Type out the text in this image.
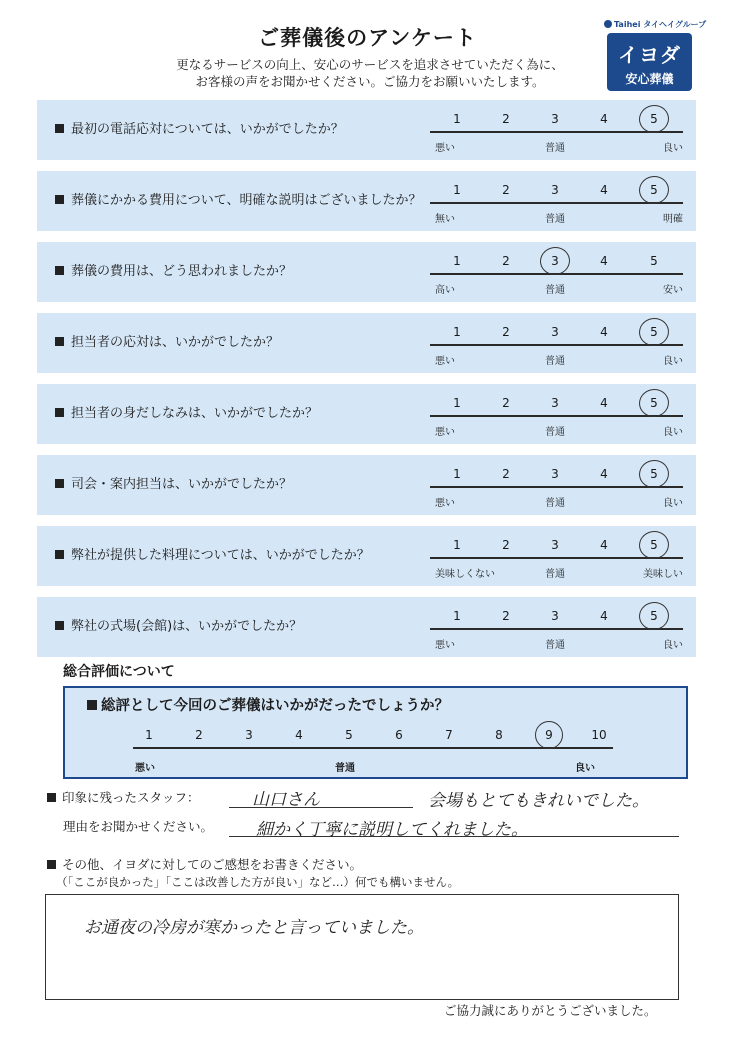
ご葬儀後のアンケート
更なるサービスの向上、安心のサービスを追求させていただく為に、
お客様の声をお聞かせください。ご協力をお願いいたします。
Taihei タイヘイグループ
イヨダ
安心葬儀
最初の電話応対については、いかがでしたか？
1	2	3	4	5
悪い	普通	良い
葬儀にかかる費用について、明確な説明はございましたか？
1	2	3	4	5
無い	普通	明確
葬儀の費用は、どう思われましたか？
1	2	3	4	5
高い	普通	安い
担当者の応対は、いかがでしたか？
1	2	3	4	5
悪い	普通	良い
担当者の身だしなみは、いかがでしたか？
1	2	3	4	5
悪い	普通	良い
司会・案内担当は、いかがでしたか？
1	2	3	4	5
悪い	普通	良い
弊社が提供した料理については、いかがでしたか？
1	2	3	4	5
美味しくない	普通	美味しい
弊社の式場(会館)は、いかがでしたか？
1	2	3	4	5
悪い	普通	良い
総合評価について
総評として今回のご葬儀はいかがだったでしょうか？
1	2	3	4	5	6	7	8	9	10
悪い	普通	良い
印象に残ったスタッフ：	山口さん	会場もとてもきれいでした。
理由をお聞かせください。	細かく丁寧に説明してくれました。
その他、イヨダに対してのご感想をお書きください。
（「ここが良かった」「ここは改善した方が良い」など…）何でも構いません。
お通夜の冷房が寒かったと言っていました。
ご協力誠にありがとうございました。
